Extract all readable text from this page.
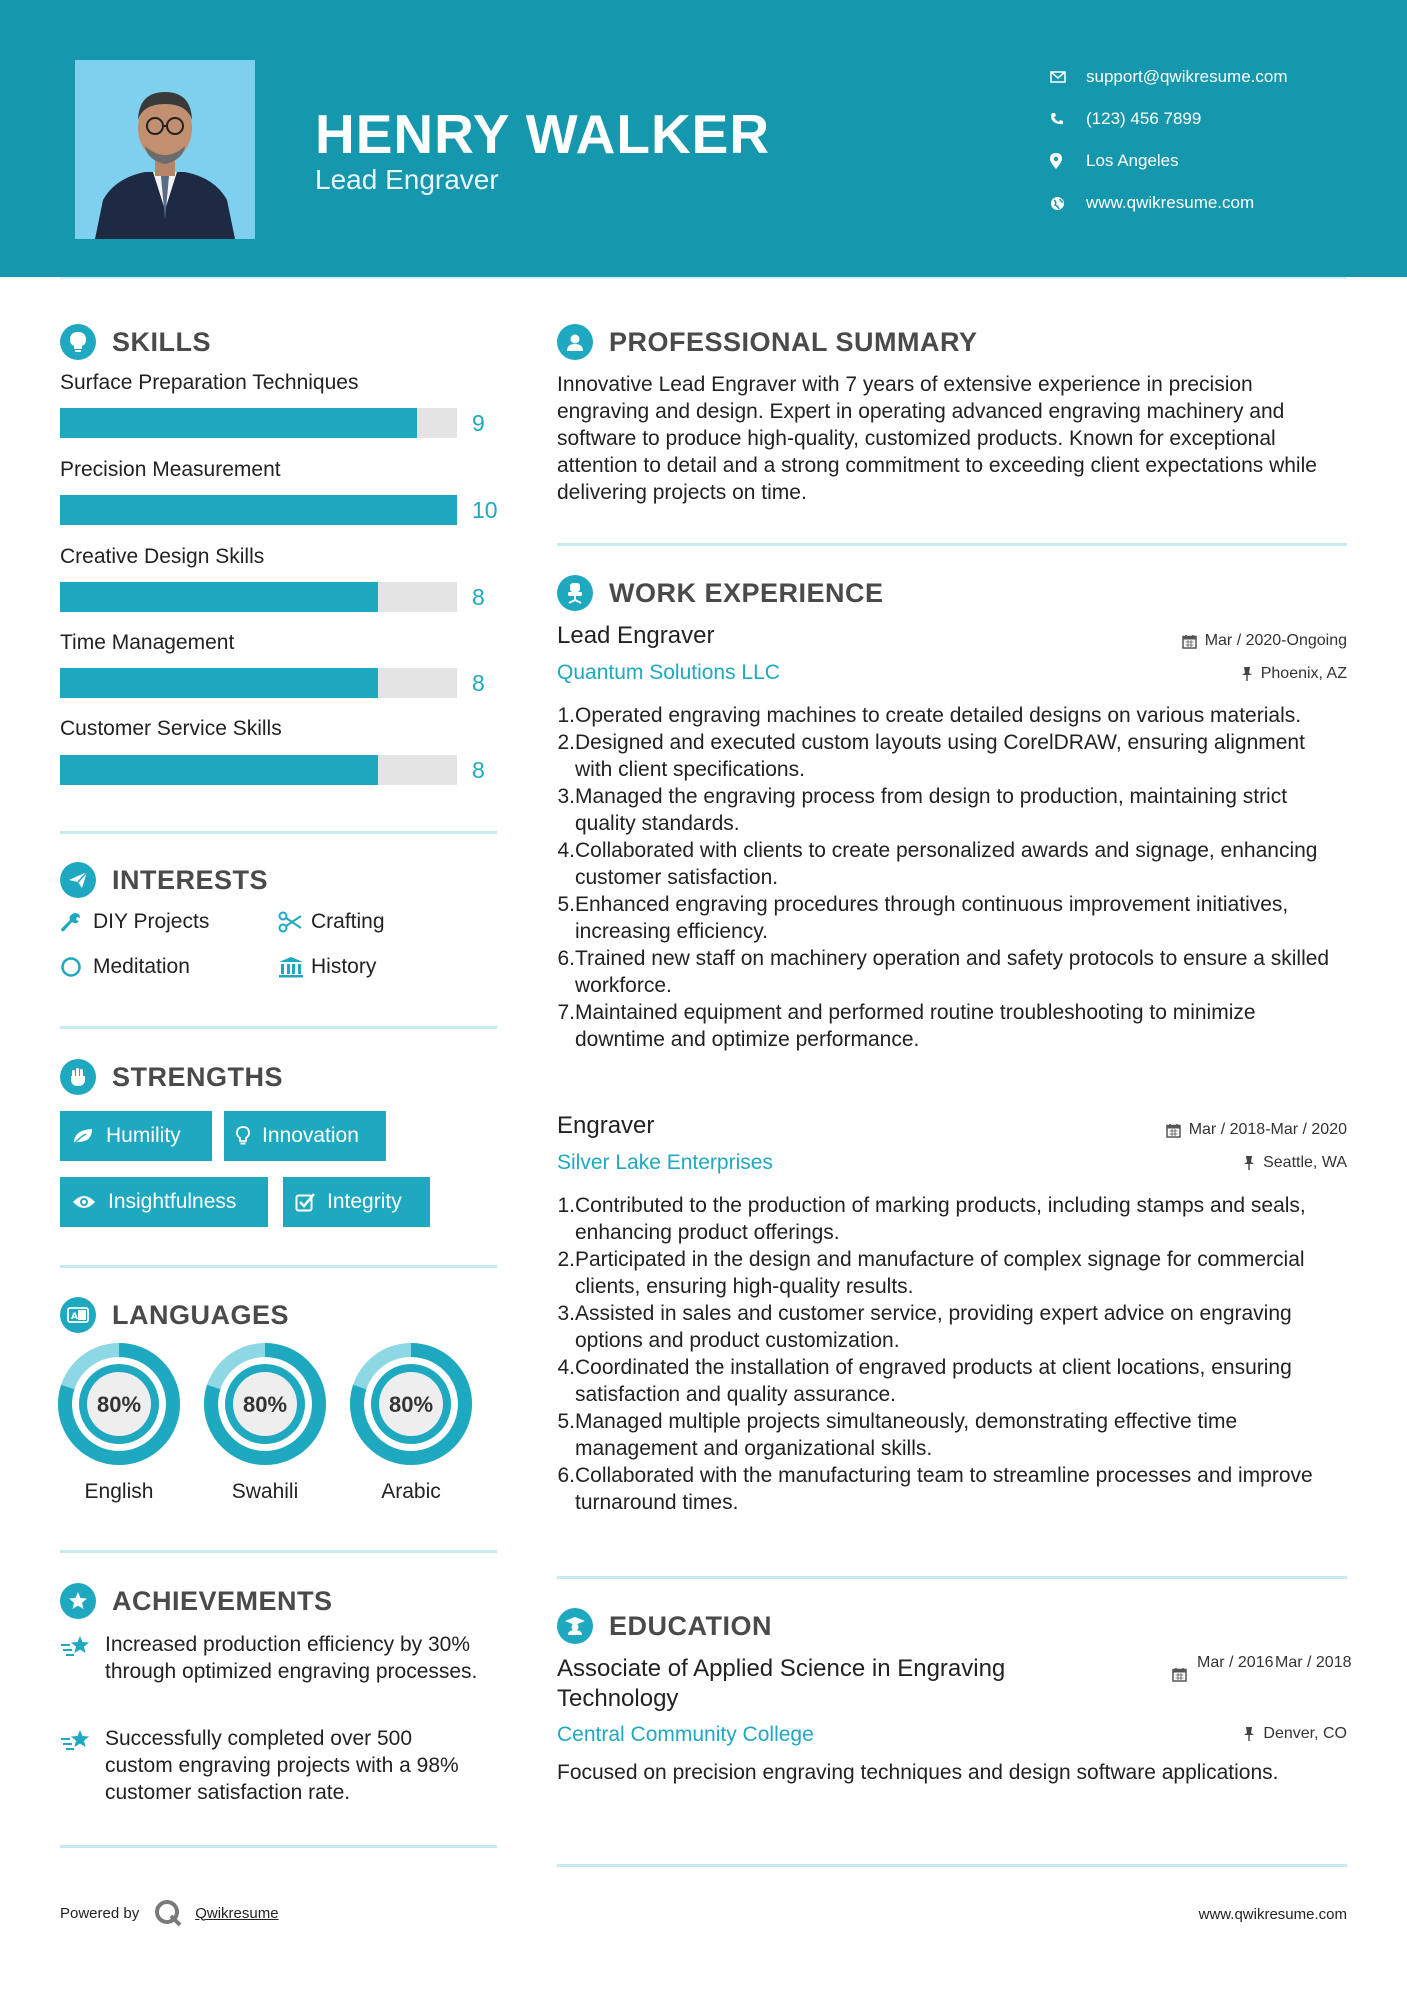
HENRY WALKER
Lead Engraver
support@qwikresume.com
(123) 456 7899
Los Angeles
www.qwikresume.com
SKILLS
Surface Preparation Techniques
9
Precision Measurement
10
Creative Design Skills
8
Time Management
8
Customer Service Skills
8
INTERESTS
DIY Projects	Crafting
Meditation	History
STRENGTHS
Humility	Innovation
Insightfulness	Integrity
A LANGUAGES
80%
English
80%
Swahili
80%
Arabic
ACHIEVEMENTS
Increased production efficiency by 30% through optimized engraving processes.
Successfully completed over 500 custom engraving projects with a 98% customer satisfaction rate.
PROFESSIONAL SUMMARY
Innovative Lead Engraver with 7 years of extensive experience in precision engraving and design. Expert in operating advanced engraving machinery and software to produce high-quality, customized products. Known for exceptional attention to detail and a strong commitment to exceeding client expectations while delivering projects on time.
WORK EXPERIENCE
Lead Engraver	Mar / 2020-Ongoing
Quantum Solutions LLC	Phoenix, AZ
1. Operated engraving machines to create detailed designs on various materials.
2. Designed and executed custom layouts using CorelDRAW, ensuring alignment with client specifications.
3. Managed the engraving process from design to production, maintaining strict quality standards.
4. Collaborated with clients to create personalized awards and signage, enhancing customer satisfaction.
5. Enhanced engraving procedures through continuous improvement initiatives, increasing efficiency.
6. Trained new staff on machinery operation and safety protocols to ensure a skilled workforce.
7. Maintained equipment and performed routine troubleshooting to minimize downtime and optimize performance.
Engraver	Mar / 2018-Mar / 2020
Silver Lake Enterprises	Seattle, WA
1. Contributed to the production of marking products, including stamps and seals, enhancing product offerings.
2. Participated in the design and manufacture of complex signage for commercial clients, ensuring high-quality results.
3. Assisted in sales and customer service, providing expert advice on engraving options and product customization.
4. Coordinated the installation of engraved products at client locations, ensuring satisfaction and quality assurance.
5. Managed multiple projects simultaneously, demonstrating effective time management and organizational skills.
6. Collaborated with the manufacturing team to streamline processes and improve turnaround times.
EDUCATION
Associate of Applied Science in Engraving
Technology
Mar / 2016 Mar / 2018
Central Community College	Denver, CO
Focused on precision engraving techniques and design software applications.
Powered by	Qwikresume	www.qwikresume.com
